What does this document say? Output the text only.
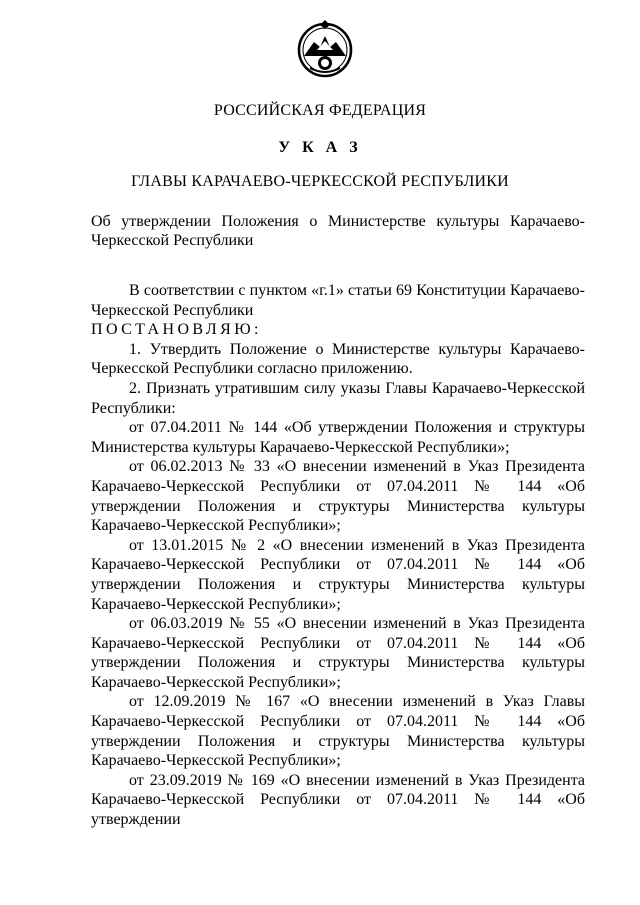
РОССИЙСКАЯ ФЕДЕРАЦИЯ
У К А З
ГЛАВЫ КАРАЧАЕВО-ЧЕРКЕССКОЙ РЕСПУБЛИКИ
Об утверждении Положения о Министерстве культуры Карачаево-Черкесской Республики

В соответствии с пунктом «г.1» статьи 69 Конституции Карачаево-Черкесской Республики

ПОСТАНОВЛЯЮ:

1. Утвердить Положение о Министерстве культуры Карачаево-Черкесской Республики согласно приложению.

2. Признать утратившим силу указы Главы Карачаево-Черкесской Республики:

от 07.04.2011 № 144 «Об утверждении Положения и структуры Министерства культуры Карачаево-Черкесской Республики»;

от 06.02.2013 № 33 «О внесении изменений в Указ Президента Карачаево-Черкесской Республики от 07.04.2011 № 144 «Об утверждении Положения и структуры Министерства культуры Карачаево-Черкесской Республики»;

от 13.01.2015 № 2 «О внесении изменений в Указ Президента Карачаево-Черкесской Республики от 07.04.2011 № 144 «Об утверждении Положения и структуры Министерства культуры Карачаево-Черкесской Республики»;

от 06.03.2019 № 55 «О внесении изменений в Указ Президента Карачаево-Черкесской Республики от 07.04.2011 № 144 «Об утверждении Положения и структуры Министерства культуры Карачаево-Черкесской Республики»;

от 12.09.2019 № 167 «О внесении изменений в Указ Главы Карачаево-Черкесской Республики от 07.04.2011 № 144 «Об утверждении Положения и структуры Министерства культуры Карачаево-Черкесской Республики»;

от 23.09.2019 № 169 «О внесении изменений в Указ Президента Карачаево-Черкесской Республики от 07.04.2011 № 144 «Об утверждении
